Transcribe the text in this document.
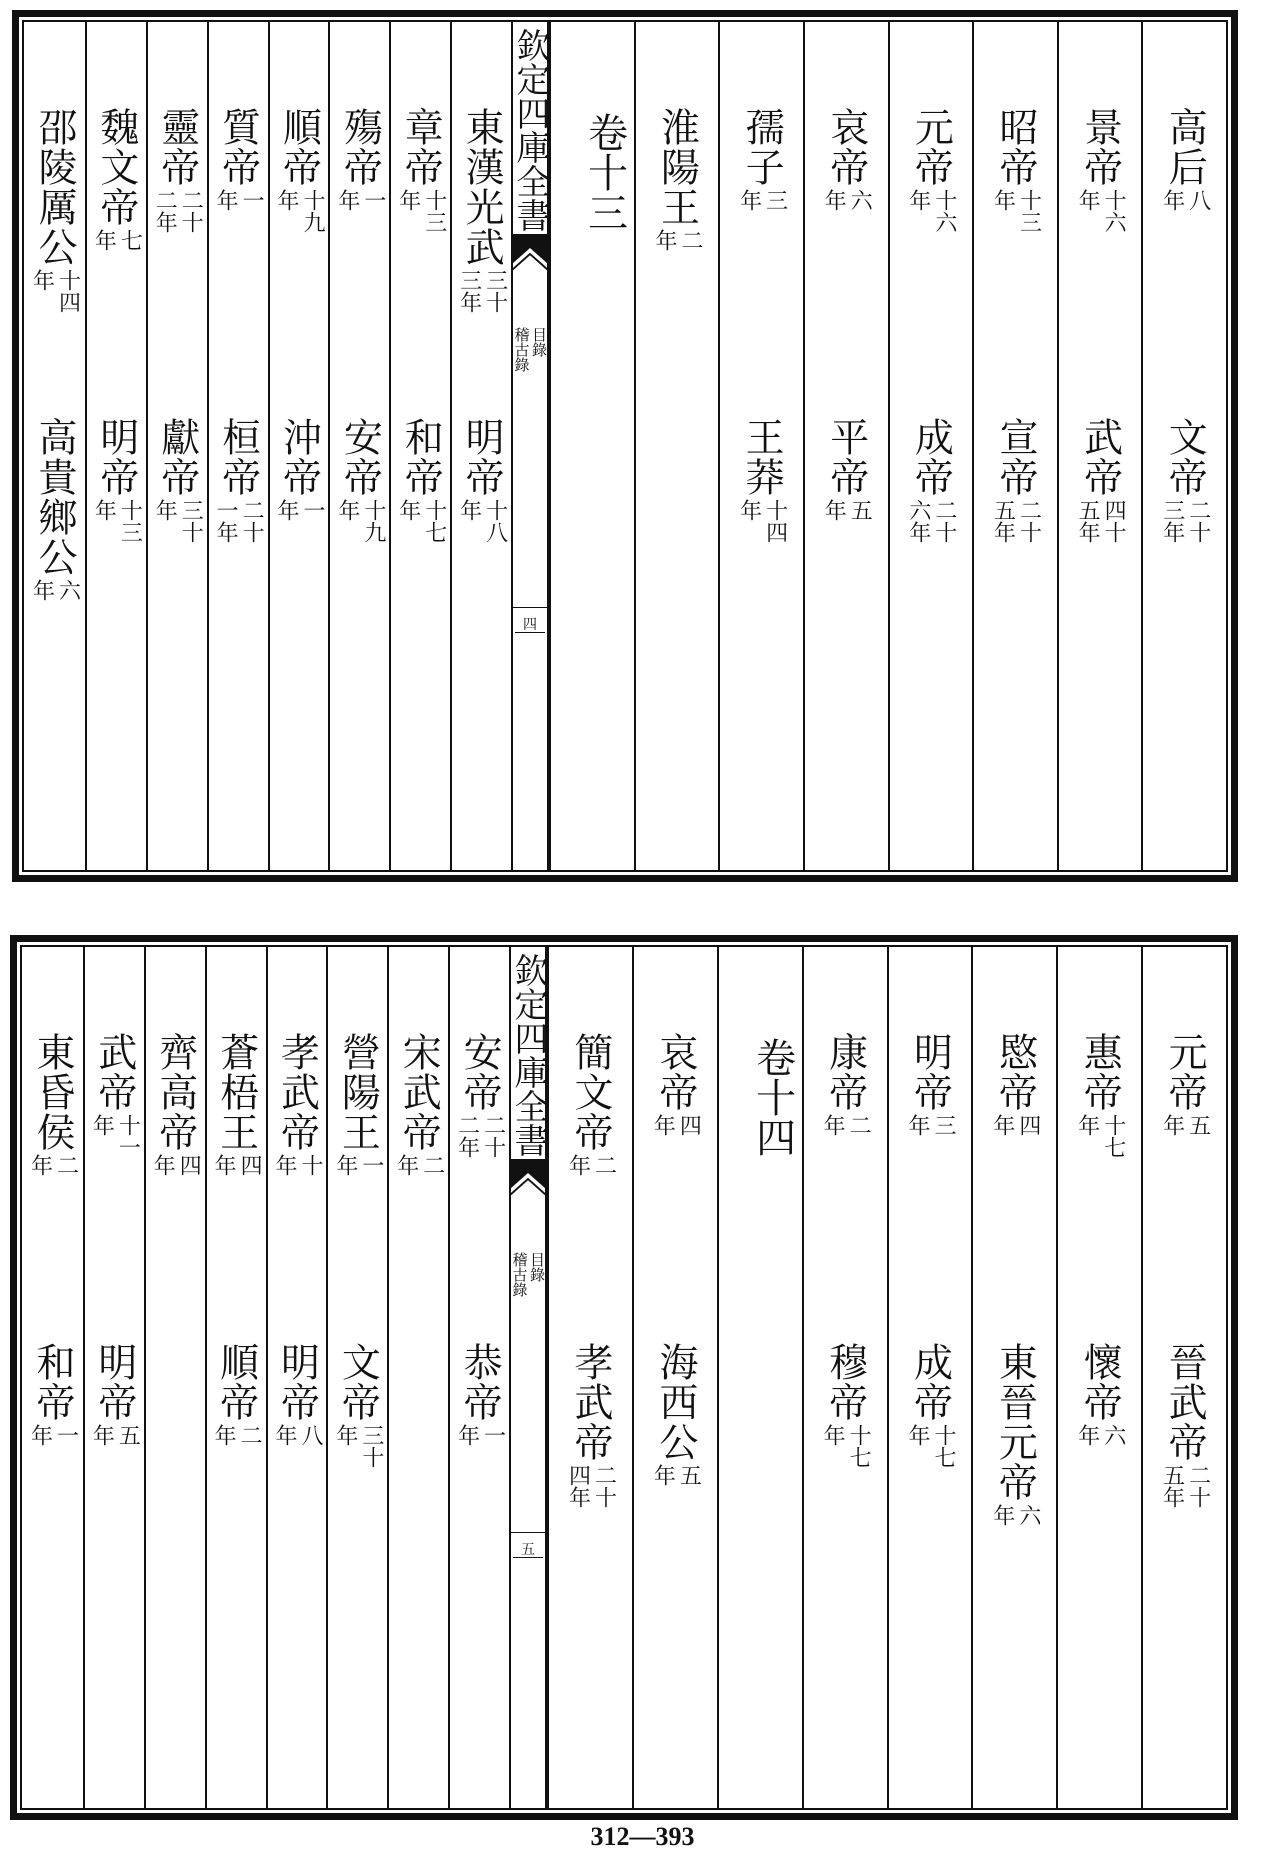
高后
八
年
文帝
二十
三年
景帝
十六
年
武帝
四十
五年
昭帝
十三
年
宣帝
二十
五年
元帝
十六
年
成帝
二十
六年
哀帝
六
年
平帝
五
年
孺子
三
年
王莽
十四
年
淮陽王
二
年
卷十三
欽定四庫全書
稽古錄 目錄
四
東漢光武
三十
三年
明帝
十八
年
章帝
十三
年
和帝
十七
年
殤帝
一
年
安帝
十九
年
順帝
十九
年
沖帝
一
年
質帝
一
年
桓帝
二十
一年
靈帝
二十
二年
獻帝
三十
年
魏文帝
七
年
明帝
十三
年
邵陵厲公
十四
年
高貴鄉公
六
年
元帝
五
年
晉武帝
二十
五年
惠帝
十七
年
懷帝
六
年
愍帝
四
年
東晉元帝
六
年
明帝
三
年
成帝
十七
年
康帝
二
年
穆帝
十七
年
卷十四
哀帝
四
年
海西公
五
年
簡文帝
二
年
孝武帝
二十
四年
欽定四庫全書
稽古錄 目錄
五
安帝
二十
二年
恭帝
一
年
宋武帝
二
年
營陽王
一
年
文帝
三十
年
孝武帝
十
年
明帝
八
年
蒼梧王
四
年
順帝
二
年
齊高帝
四
年
武帝
十一
年
明帝
五
年
東昏侯
二
年
和帝
一
年
312—393
